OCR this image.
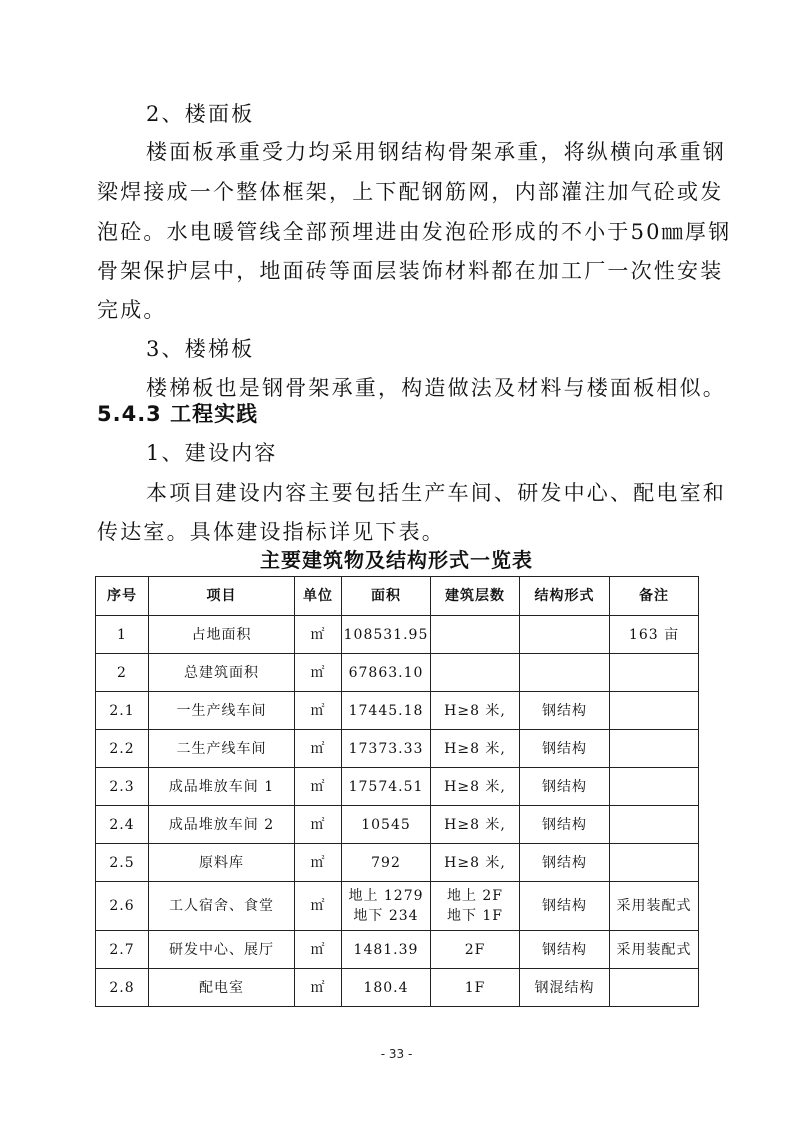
2、楼面板
楼面板承重受力均采用钢结构骨架承重，将纵横向承重钢
梁焊接成一个整体框架，上下配钢筋网，内部灌注加气砼或发
泡砼。水电暖管线全部预埋进由发泡砼形成的不小于50㎜厚钢
骨架保护层中，地面砖等面层装饰材料都在加工厂一次性安装
完成。
3、楼梯板
楼梯板也是钢骨架承重，构造做法及材料与楼面板相似。
5.4.3 工程实践
1、建设内容
本项目建设内容主要包括生产车间、研发中心、配电室和
传达室。具体建设指标详见下表。
主要建筑物及结构形式一览表
序号	项目	单位	面积	建筑层数	结构形式	备注
1	占地面积	㎡	108531.95			163 亩
2	总建筑面积	㎡	67863.10			
2.1	一生产线车间	㎡	17445.18	H≥8 米,	钢结构	
2.2	二生产线车间	㎡	17373.33	H≥8 米,	钢结构	
2.3	成品堆放车间 1	㎡	17574.51	H≥8 米,	钢结构	
2.4	成品堆放车间 2	㎡	10545	H≥8 米,	钢结构	
2.5	原料库	㎡	792	H≥8 米,	钢结构	
2.6	工人宿舍、食堂	㎡	地上 1279
地下 234	地上 2F
地下 1F	钢结构	采用装配式
2.7	研发中心、展厅	㎡	1481.39	2F	钢结构	采用装配式
2.8	配电室	㎡	180.4	1F	钢混结构	
- 33 -
